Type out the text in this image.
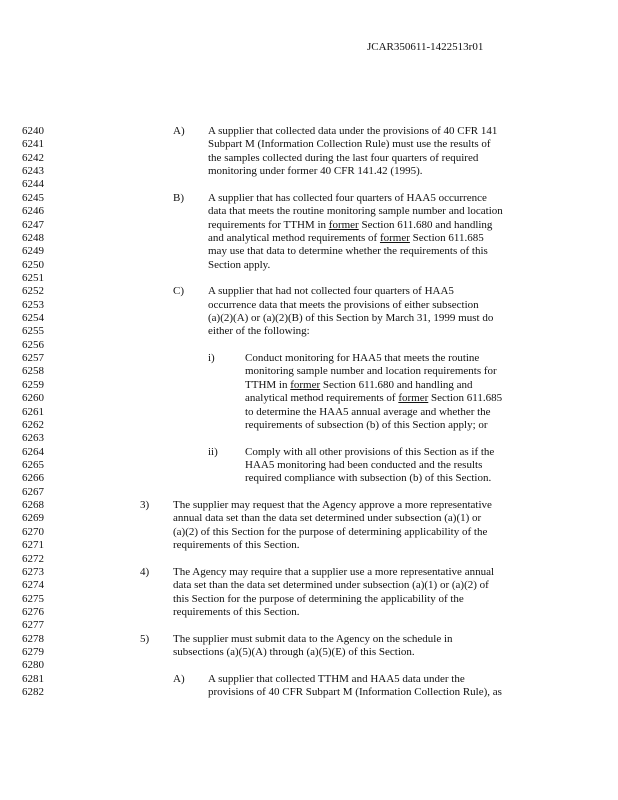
JCAR350611-1422513r01
6240	A) A supplier that collected data under the provisions of 40 CFR 141
6241	Subpart M (Information Collection Rule) must use the results of
6242	the samples collected during the last four quarters of required
6243	monitoring under former 40 CFR 141.42 (1995).
6244
6245	B) A supplier that has collected four quarters of HAA5 occurrence
6246	data that meets the routine monitoring sample number and location
6247	requirements for TTHM in former Section 611.680 and handling
6248	and analytical method requirements of former Section 611.685
6249	may use that data to determine whether the requirements of this
6250	Section apply.
6251
6252	C) A supplier that had not collected four quarters of HAA5
6253	occurrence data that meets the provisions of either subsection
6254	(a)(2)(A) or (a)(2)(B) of this Section by March 31, 1999 must do
6255	either of the following:
6256
6257	i)	Conduct monitoring for HAA5 that meets the routine
6258	monitoring sample number and location requirements for
6259	TTHM in former Section 611.680 and handling and
6260	analytical method requirements of former Section 611.685
6261	to determine the HAA5 annual average and whether the
6262	requirements of subsection (b) of this Section apply; or
6263
6264	ii) Comply with all other provisions of this Section as if the
6265	HAA5 monitoring had been conducted and the results
6266	required compliance with subsection (b) of this Section.
6267
6268	3) The supplier may request that the Agency approve a more representative
6269	annual data set than the data set determined under subsection (a)(1) or
6270	(a)(2) of this Section for the purpose of determining applicability of the
6271	requirements of this Section.
6272
6273	4) The Agency may require that a supplier use a more representative annual
6274	data set than the data set determined under subsection (a)(1) or (a)(2) of
6275	this Section for the purpose of determining the applicability of the
6276	requirements of this Section.
6277
6278	5) The supplier must submit data to the Agency on the schedule in
6279	subsections (a)(5)(A) through (a)(5)(E) of this Section.
6280
6281	A) A supplier that collected TTHM and HAA5 data under the
6282	provisions of 40 CFR Subpart M (Information Collection Rule), as
